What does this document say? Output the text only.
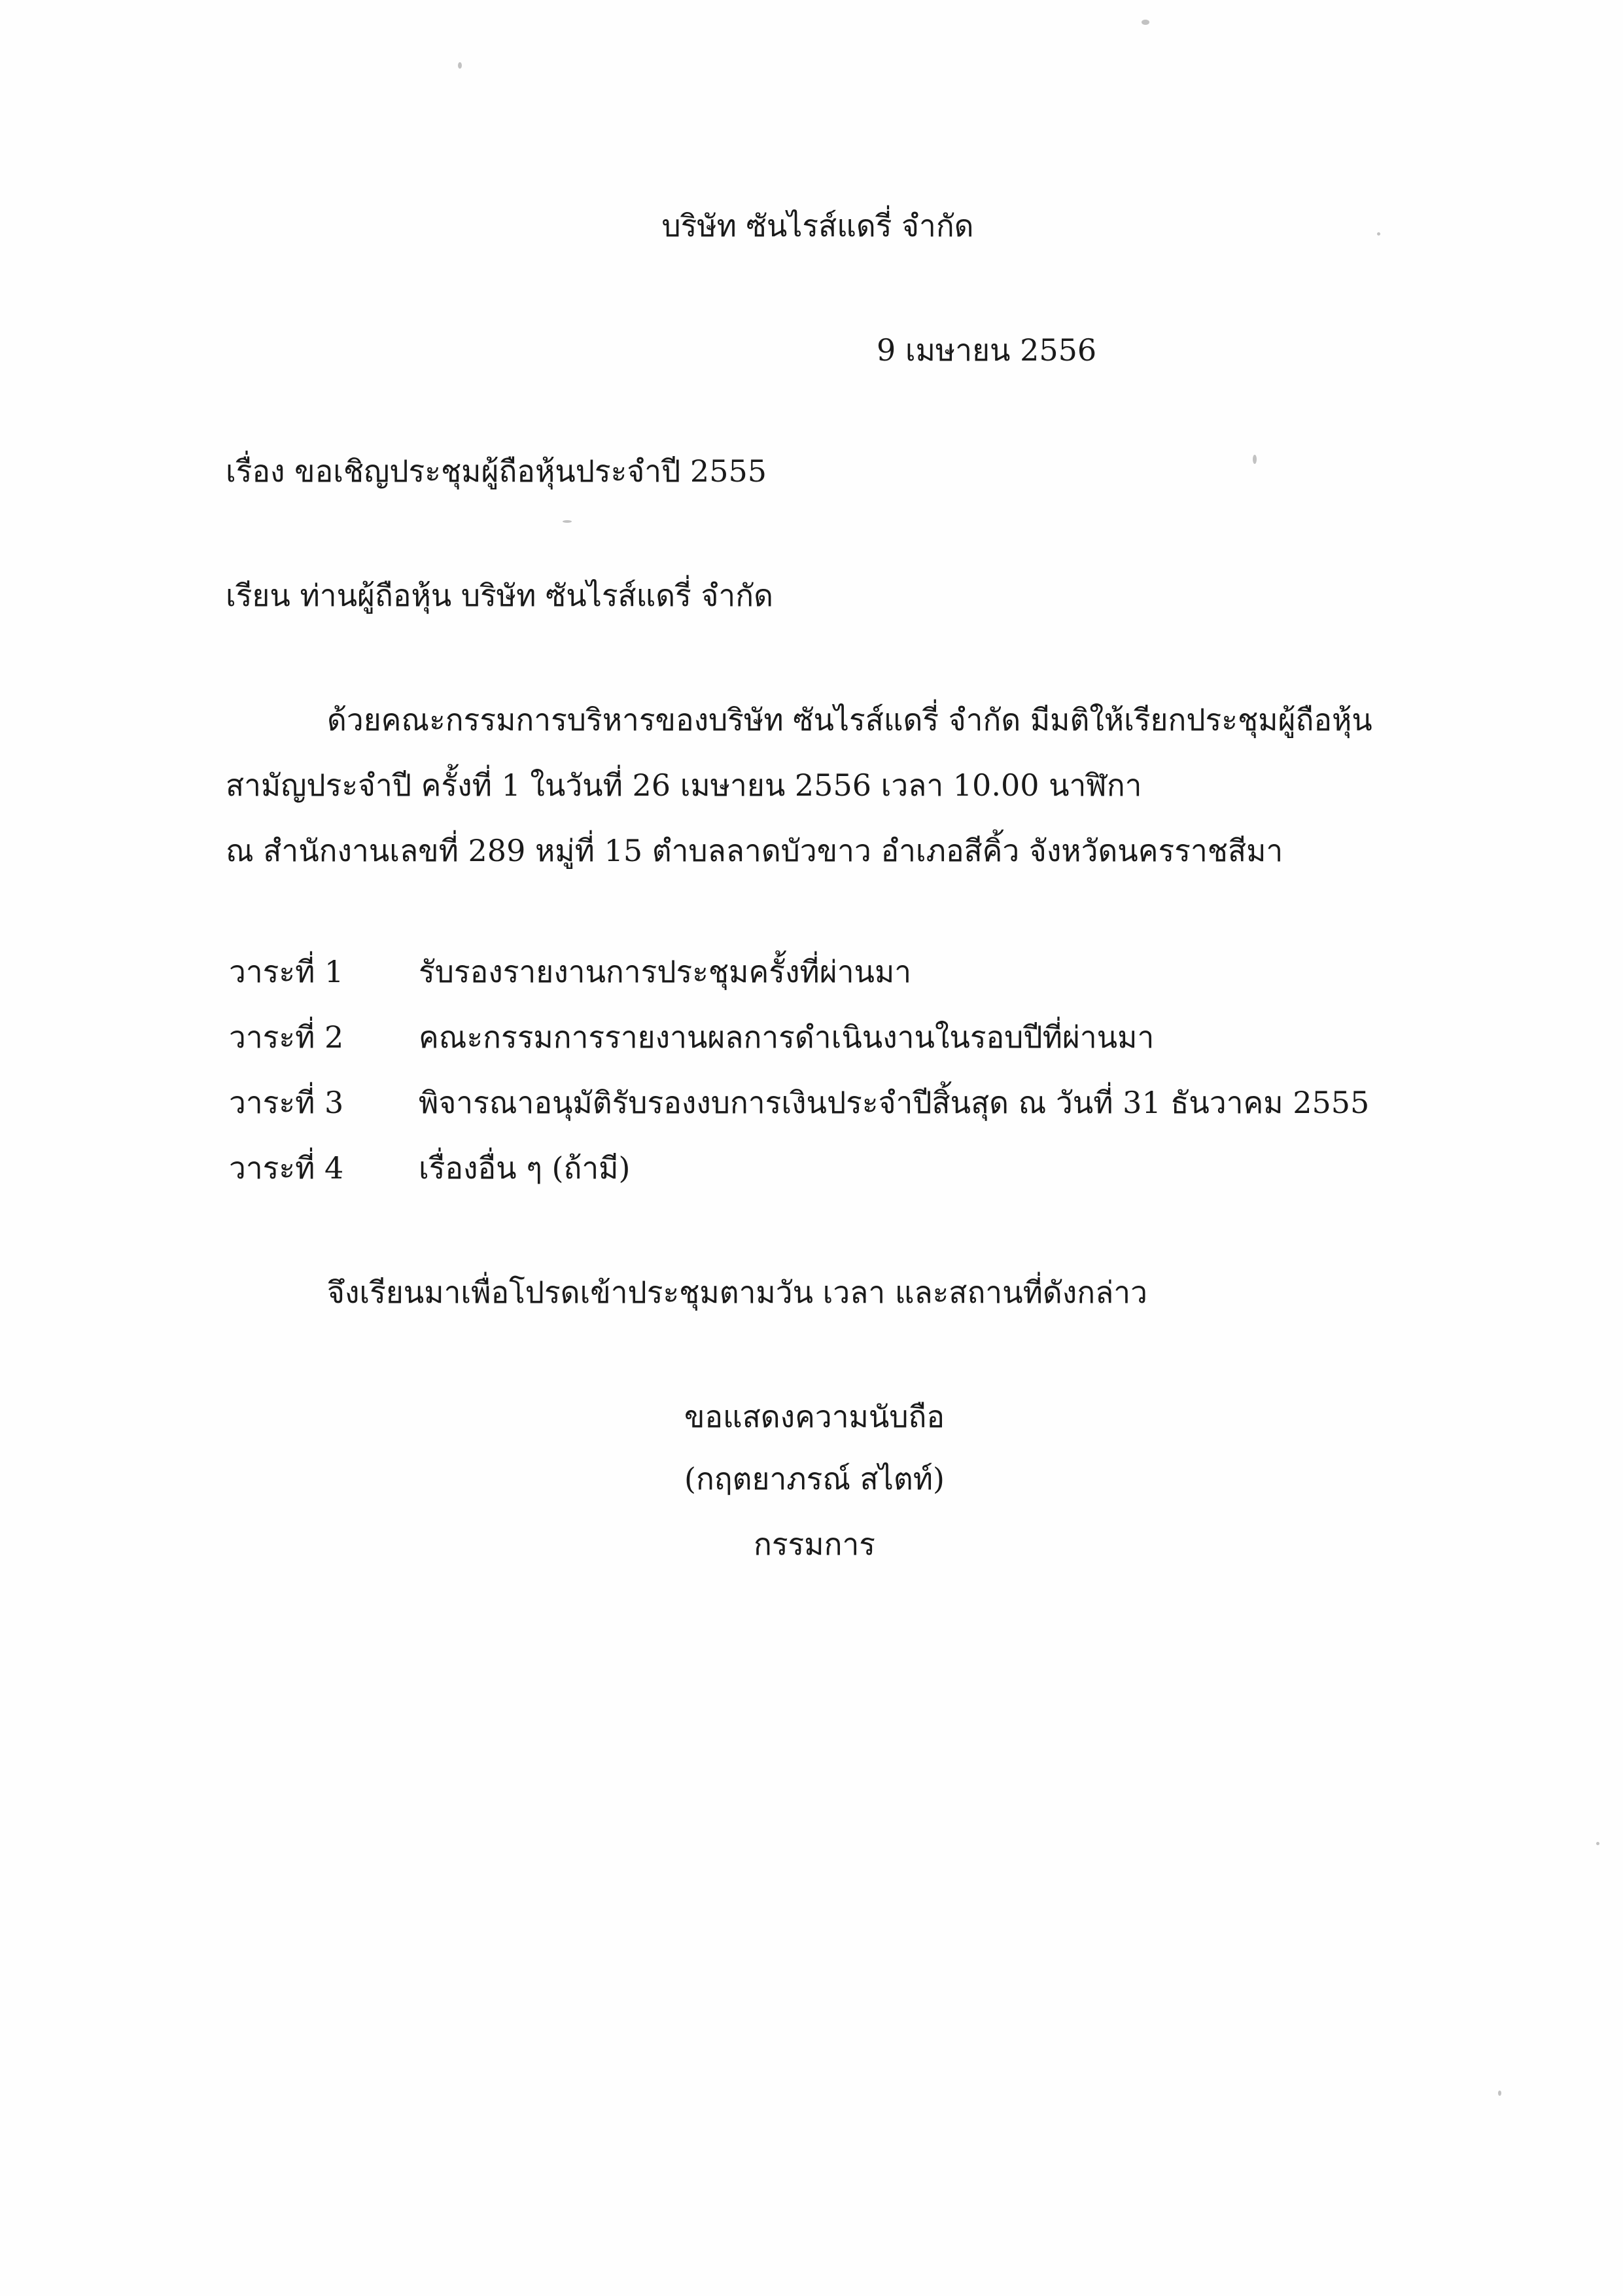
บริษัท ซันไรส์แดรี่ จำกัด
9 เมษายน 2556
เรื่อง ขอเชิญประชุมผู้ถือหุ้นประจำปี 2555
เรียน ท่านผู้ถือหุ้น บริษัท ซันไรส์แดรี่ จำกัด
ด้วยคณะกรรมการบริหารของบริษัท ซันไรส์แดรี่ จำกัด มีมติให้เรียกประชุมผู้ถือหุ้น
สามัญประจำปี ครั้งที่ 1 ในวันที่ 26 เมษายน 2556 เวลา 10.00 นาฬิกา
ณ สำนักงานเลขที่ 289 หมู่ที่ 15 ตำบลลาดบัวขาว อำเภอสีคิ้ว จังหวัดนครราชสีมา
วาระที่ 1 รับรองรายงานการประชุมครั้งที่ผ่านมา
วาระที่ 2 คณะกรรมการรายงานผลการดำเนินงานในรอบปีที่ผ่านมา
วาระที่ 3 พิจารณาอนุมัติรับรองงบการเงินประจำปีสิ้นสุด ณ วันที่ 31 ธันวาคม 2555
วาระที่ 4 เรื่องอื่น ๆ (ถ้ามี)
จึงเรียนมาเพื่อโปรดเข้าประชุมตามวัน เวลา และสถานที่ดังกล่าว
ขอแสดงความนับถือ
(กฤตยาภรณ์ สไตท์)
กรรมการ
